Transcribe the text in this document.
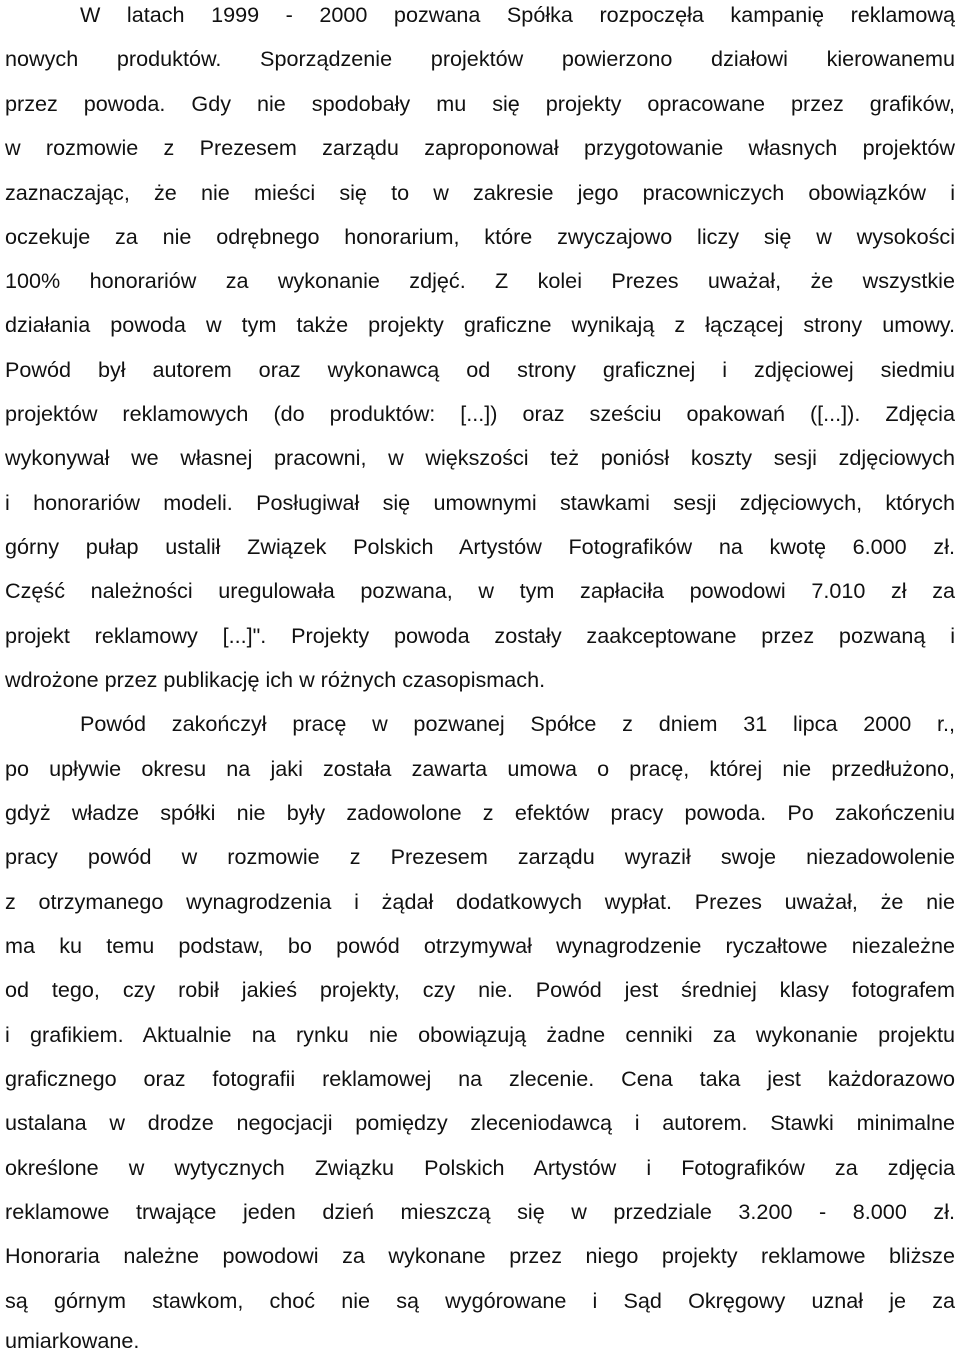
W latach 1999 - 2000 pozwana Spółka rozpoczęła kampanię reklamową
nowych produktów. Sporządzenie projektów powierzono działowi kierowanemu
przez powoda. Gdy nie spodobały mu się projekty opracowane przez grafików,
w rozmowie z Prezesem zarządu zaproponował przygotowanie własnych projektów
zaznaczając, że nie mieści się to w zakresie jego pracowniczych obowiązków i
oczekuje za nie odrębnego honorarium, które zwyczajowo liczy się w wysokości
100% honorariów za wykonanie zdjęć. Z kolei Prezes uważał, że wszystkie
działania powoda w tym także projekty graficzne wynikają z łączącej strony umowy.
Powód był autorem oraz wykonawcą od strony graficznej i zdjęciowej siedmiu
projektów reklamowych (do produktów: [...]) oraz sześciu opakowań ([...]). Zdjęcia
wykonywał we własnej pracowni, w większości też poniósł koszty sesji zdjęciowych
i honorariów modeli. Posługiwał się umownymi stawkami sesji zdjęciowych, których
górny pułap ustalił Związek Polskich Artystów Fotografików na kwotę 6.000 zł.
Część należności uregulowała pozwana, w tym zapłaciła powodowi 7.010 zł za
projekt reklamowy [...]". Projekty powoda zostały zaakceptowane przez pozwaną i
wdrożone przez publikację ich w różnych czasopismach.
Powód zakończył pracę w pozwanej Spółce z dniem 31 lipca 2000 r.,
po upływie okresu na jaki została zawarta umowa o pracę, której nie przedłużono,
gdyż władze spółki nie były zadowolone z efektów pracy powoda. Po zakończeniu
pracy powód w rozmowie z Prezesem zarządu wyraził swoje niezadowolenie
z otrzymanego wynagrodzenia i żądał dodatkowych wypłat. Prezes uważał, że nie
ma ku temu podstaw, bo powód otrzymywał wynagrodzenie ryczałtowe niezależne
od tego, czy robił jakieś projekty, czy nie. Powód jest średniej klasy fotografem
i grafikiem. Aktualnie na rynku nie obowiązują żadne cenniki za wykonanie projektu
graficznego oraz fotografii reklamowej na zlecenie. Cena taka jest każdorazowo
ustalana w drodze negocjacji pomiędzy zleceniodawcą i autorem. Stawki minimalne
określone w wytycznych Związku Polskich Artystów i Fotografików za zdjęcia
reklamowe trwające jeden dzień mieszczą się w przedziale 3.200 - 8.000 zł.
Honoraria należne powodowi za wykonane przez niego projekty reklamowe bliższe
są górnym stawkom, choć nie są wygórowane i Sąd Okręgowy uznał je za
umiarkowane.
